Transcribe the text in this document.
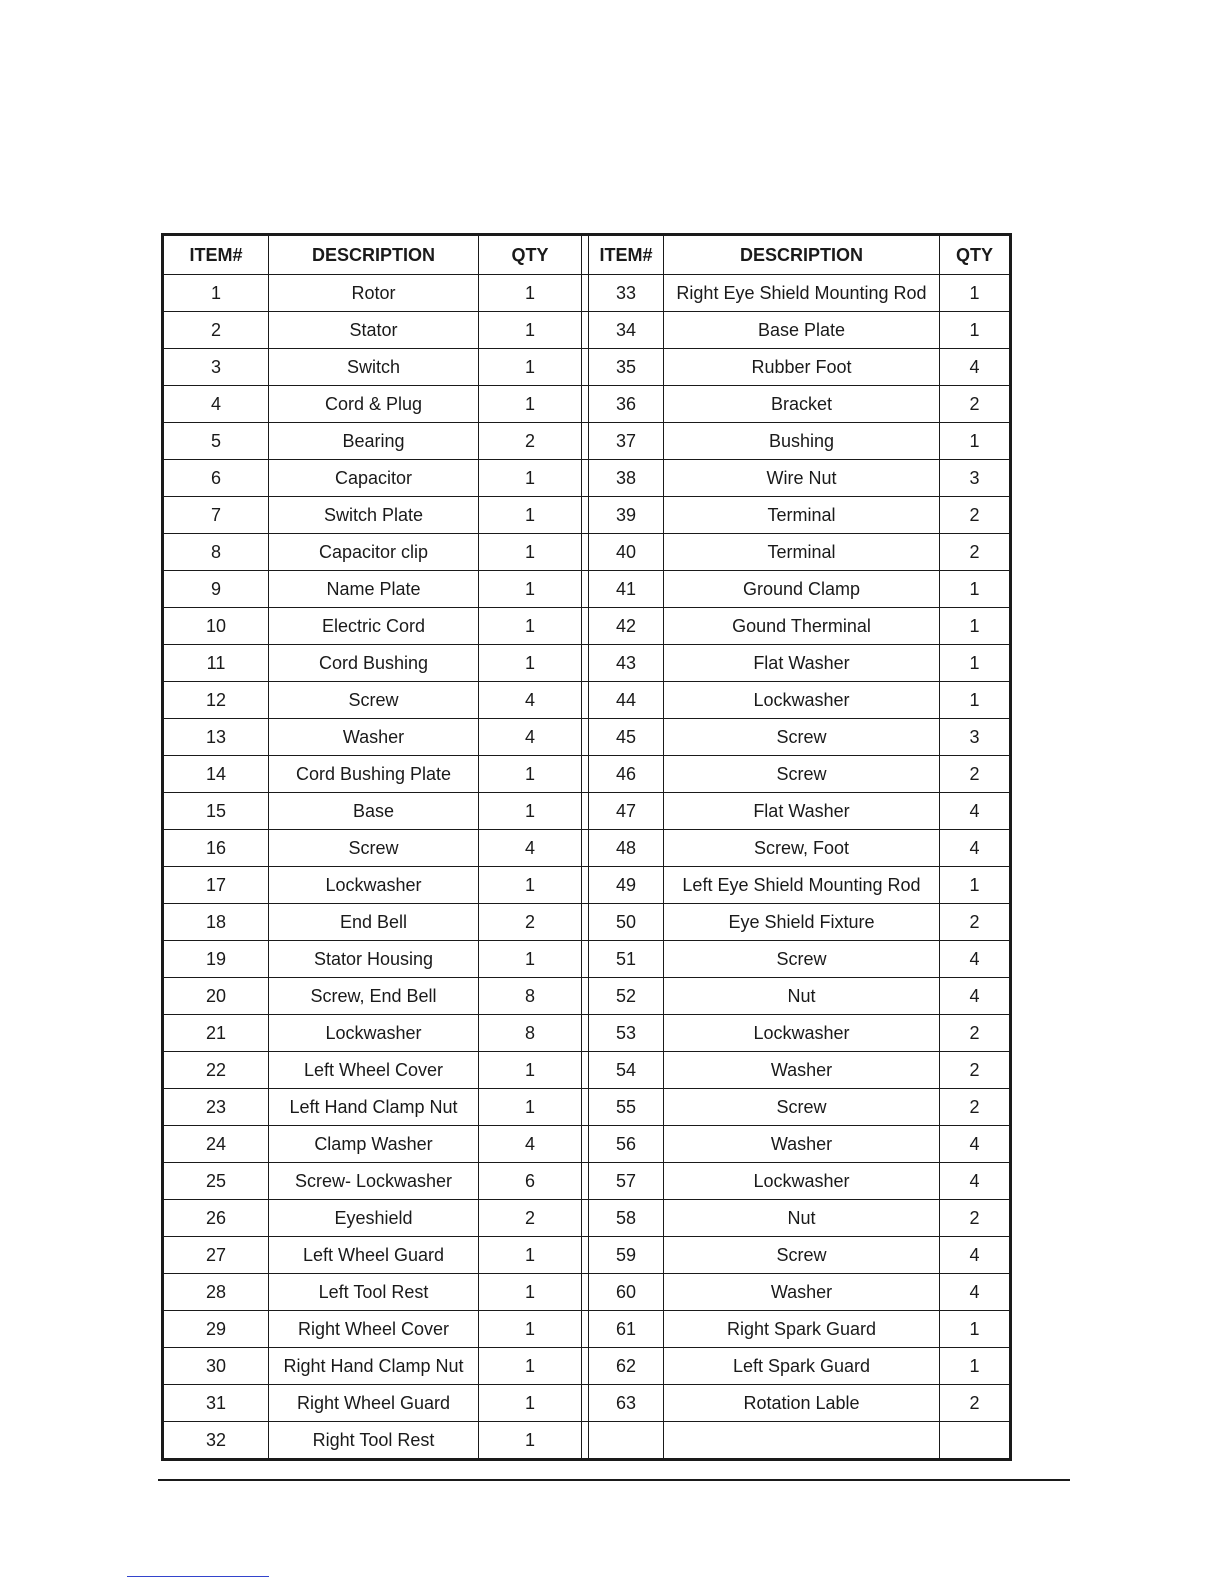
ITEM#	DESCRIPTION	QTY		ITEM#	DESCRIPTION	QTY
1	Rotor	1		33	Right Eye Shield Mounting Rod	1
2	Stator	1		34	Base Plate	1
3	Switch	1		35	Rubber Foot	4
4	Cord & Plug	1		36	Bracket	2
5	Bearing	2		37	Bushing	1
6	Capacitor	1		38	Wire Nut	3
7	Switch Plate	1		39	Terminal	2
8	Capacitor clip	1		40	Terminal	2
9	Name Plate	1		41	Ground Clamp	1
10	Electric Cord	1		42	Gound Therminal	1
11	Cord Bushing	1		43	Flat Washer	1
12	Screw	4		44	Lockwasher	1
13	Washer	4		45	Screw	3
14	Cord Bushing Plate	1		46	Screw	2
15	Base	1		47	Flat Washer	4
16	Screw	4		48	Screw, Foot	4
17	Lockwasher	1		49	Left Eye Shield Mounting Rod	1
18	End Bell	2		50	Eye Shield Fixture	2
19	Stator Housing	1		51	Screw	4
20	Screw, End Bell	8		52	Nut	4
21	Lockwasher	8		53	Lockwasher	2
22	Left Wheel Cover	1		54	Washer	2
23	Left Hand Clamp Nut	1		55	Screw	2
24	Clamp Washer	4		56	Washer	4
25	Screw- Lockwasher	6		57	Lockwasher	4
26	Eyeshield	2		58	Nut	2
27	Left Wheel Guard	1		59	Screw	4
28	Left Tool Rest	1		60	Washer	4
29	Right Wheel Cover	1		61	Right Spark Guard	1
30	Right Hand Clamp Nut	1		62	Left Spark Guard	1
31	Right Wheel Guard	1		63	Rotation Lable	2
32	Right Tool Rest	1				
